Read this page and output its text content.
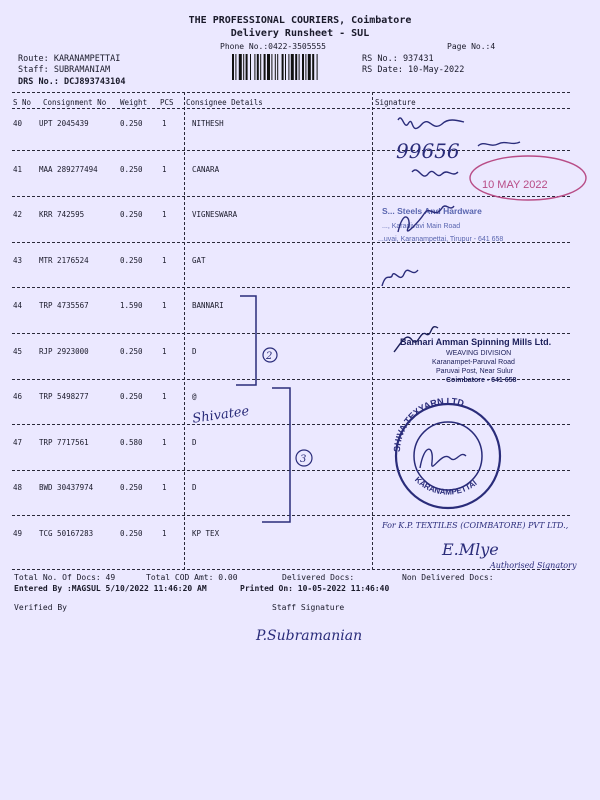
THE PROFESSIONAL COURIERS, Coimbatore
Delivery Runsheet - SUL
Phone No.:0422-3505555	Page No.:4
Route: KARANAMPETTAI
Staff: SUBRAMANIAM
DRS No.: DCJ893743104
RS No.: 937431
RS Date: 10-May-2022
S No Consignment No Weight PCS Consignee Details	Signature
40 UPT 2045439	0.250	1	NITHESH
41 MAA 289277494	0.250	1	CANARA
42 KRR 742595	0.250	1	VIGNESWARA
43 MTR 2176524	0.250	1	GAT
44 TRP 4735567	1.590	1	BANNARI
45 RJP 2923000	0.250	1	D
46 TRP 5498277	0.250	1	@
47 TRP 7717561	0.580	1	D
48 BWD 30437974	0.250	1	D
49 TCG 50167283	0.250	1	KP TEX
Total No. Of Docs: 49	Total COD Amt: 0.00	Delivered Docs:	Non Delivered Docs:
Entered By :MAGSUL 5/10/2022 11:46:20 AM	Printed On: 10-05-2022 11:46:40
Verified By	Staff Signature
99656
10 MAY 2022
S... Steels And Hardware
..., Karadivavi Main Road
...uvai, Karanampettai, Tirupur - 641 658
2
Bannari Amman Spinning Mills Ltd.
WEAVING DIVISION
Karanampet-Paruval Road
Paruvai Post, Near Sulur
Coimbatore - 641 658
Shivatee
3
SHIVA TEXYARN LTD
KARANAMPETTAI
For K.P. TEXTILES (COIMBATORE) PVT LTD.,
E.Mlye
Authorised Signatory
P.Subramanian
